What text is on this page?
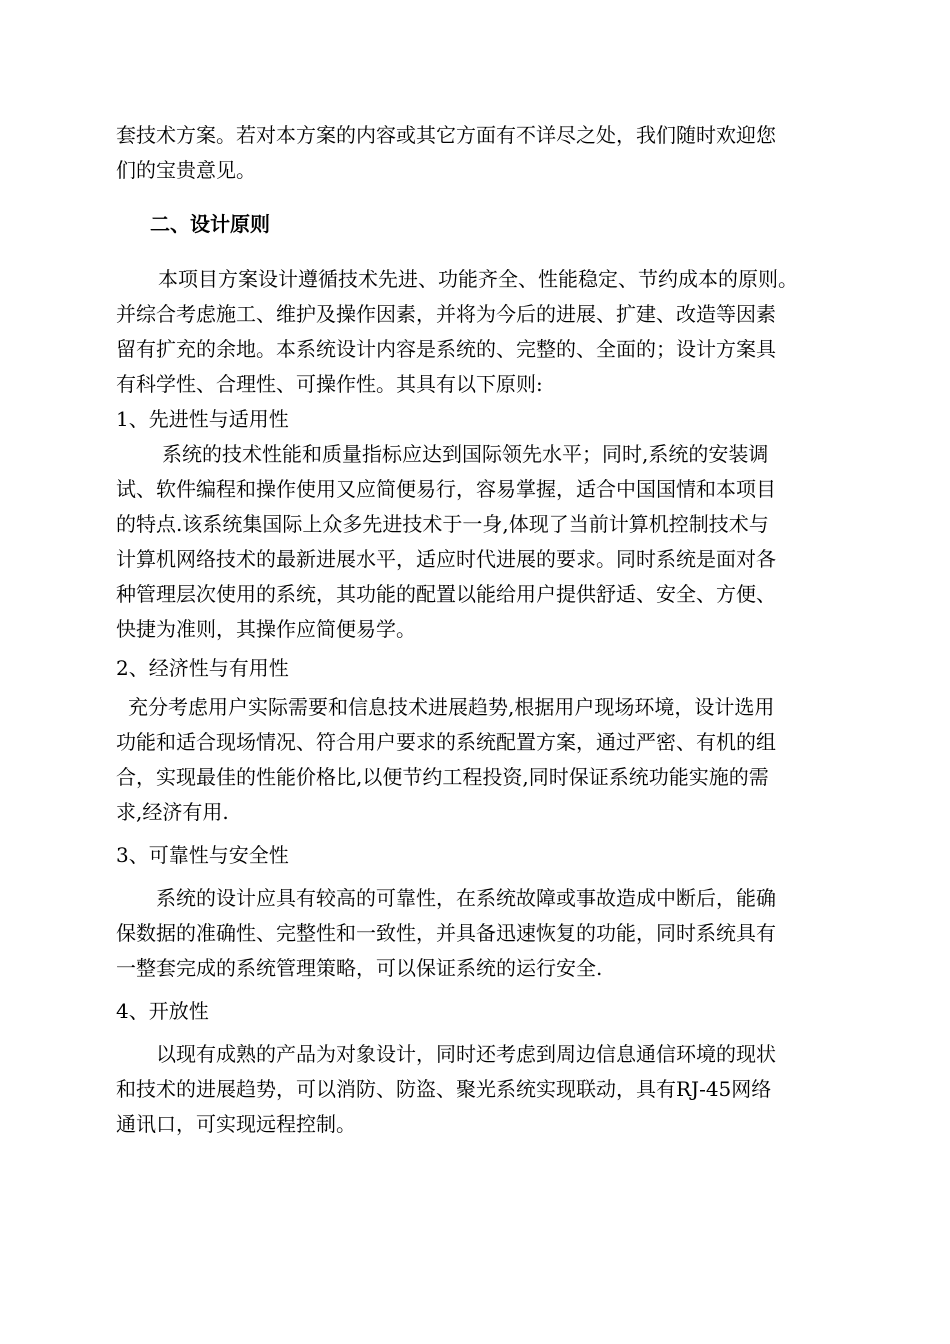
套技术方案。若对本方案的内容或其它方面有不详尽之处，我们随时欢迎您
们的宝贵意见。
二、设计原则
本项目方案设计遵循技术先进、功能齐全、性能稳定、节约成本的原则。
并综合考虑施工、维护及操作因素，并将为今后的进展、扩建、改造等因素
留有扩充的余地。本系统设计内容是系统的、完整的、全面的；设计方案具
有科学性、合理性、可操作性。其具有以下原则:
1、先进性与适用性
系统的技术性能和质量指标应达到国际领先水平；同时,系统的安装调
试、软件编程和操作使用又应简便易行，容易掌握，适合中国国情和本项目
的特点.该系统集国际上众多先进技术于一身,体现了当前计算机控制技术与
计算机网络技术的最新进展水平，适应时代进展的要求。同时系统是面对各
种管理层次使用的系统，其功能的配置以能给用户提供舒适、安全、方便、
快捷为准则，其操作应简便易学。
2、经济性与有用性
充分考虑用户实际需要和信息技术进展趋势,根据用户现场环境，设计选用
功能和适合现场情况、符合用户要求的系统配置方案，通过严密、有机的组
合，实现最佳的性能价格比,以便节约工程投资,同时保证系统功能实施的需
求,经济有用.
3、可靠性与安全性
系统的设计应具有较高的可靠性，在系统故障或事故造成中断后，能确
保数据的准确性、完整性和一致性，并具备迅速恢复的功能，同时系统具有
一整套完成的系统管理策略，可以保证系统的运行安全.
4、开放性
以现有成熟的产品为对象设计，同时还考虑到周边信息通信环境的现状
和技术的进展趋势，可以消防、防盗、聚光系统实现联动，具有RJ-45网络
通讯口，可实现远程控制。
